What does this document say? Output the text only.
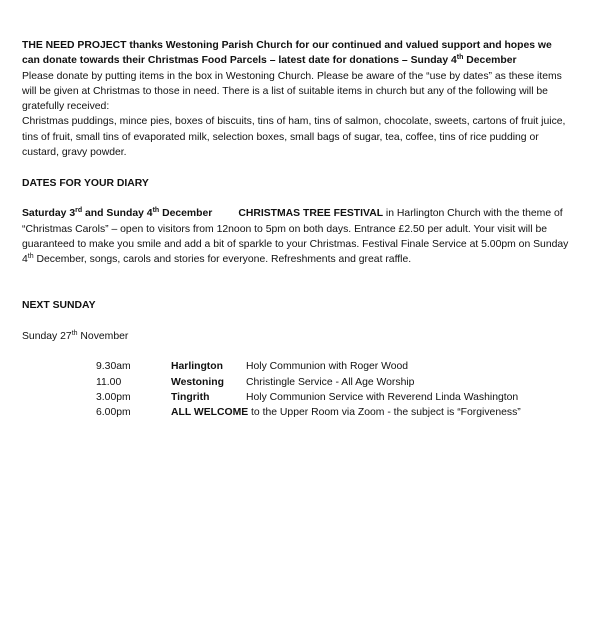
THE NEED PROJECT thanks Westoning Parish Church for our continued and valued support and hopes we
can donate towards their Christmas Food Parcels – latest date for donations – Sunday 4th December

Please donate by putting items in the box in Westoning Church. Please be aware of the “use by dates” as these items will be given at Christmas to those in need. There is a list of suitable items in church but any of the following will be gratefully received:

Christmas puddings, mince pies, boxes of biscuits, tins of ham, tins of salmon, chocolate, sweets, cartons of fruit juice, tins of fruit, small tins of evaporated milk, selection boxes, small bags of sugar, tea, coffee, tins of rice pudding or custard, gravy powder.

DATES FOR YOUR DIARY

Saturday 3rd and Sunday 4th December	CHRISTMAS TREE FESTIVAL in Harlington Church with the theme of “Christmas Carols” – open to visitors from 12noon to 5pm on both days. Entrance £2.50 per adult. Your visit will be guaranteed to make you smile and add a bit of sparkle to your Christmas. Festival Finale Service at 5.00pm on Sunday 4th December, songs, carols and stories for everyone. Refreshments and great raffle.

NEXT SUNDAY

Sunday 27th November

9.30am	Harlington	Holy Communion with Roger Wood
11.00	Westoning	Christingle Service - All Age Worship
3.00pm	Tingrith	Holy Communion Service with Reverend Linda Washington
6.00pm	ALL WELCOME to the Upper Room via Zoom - the subject is “Forgiveness”	
